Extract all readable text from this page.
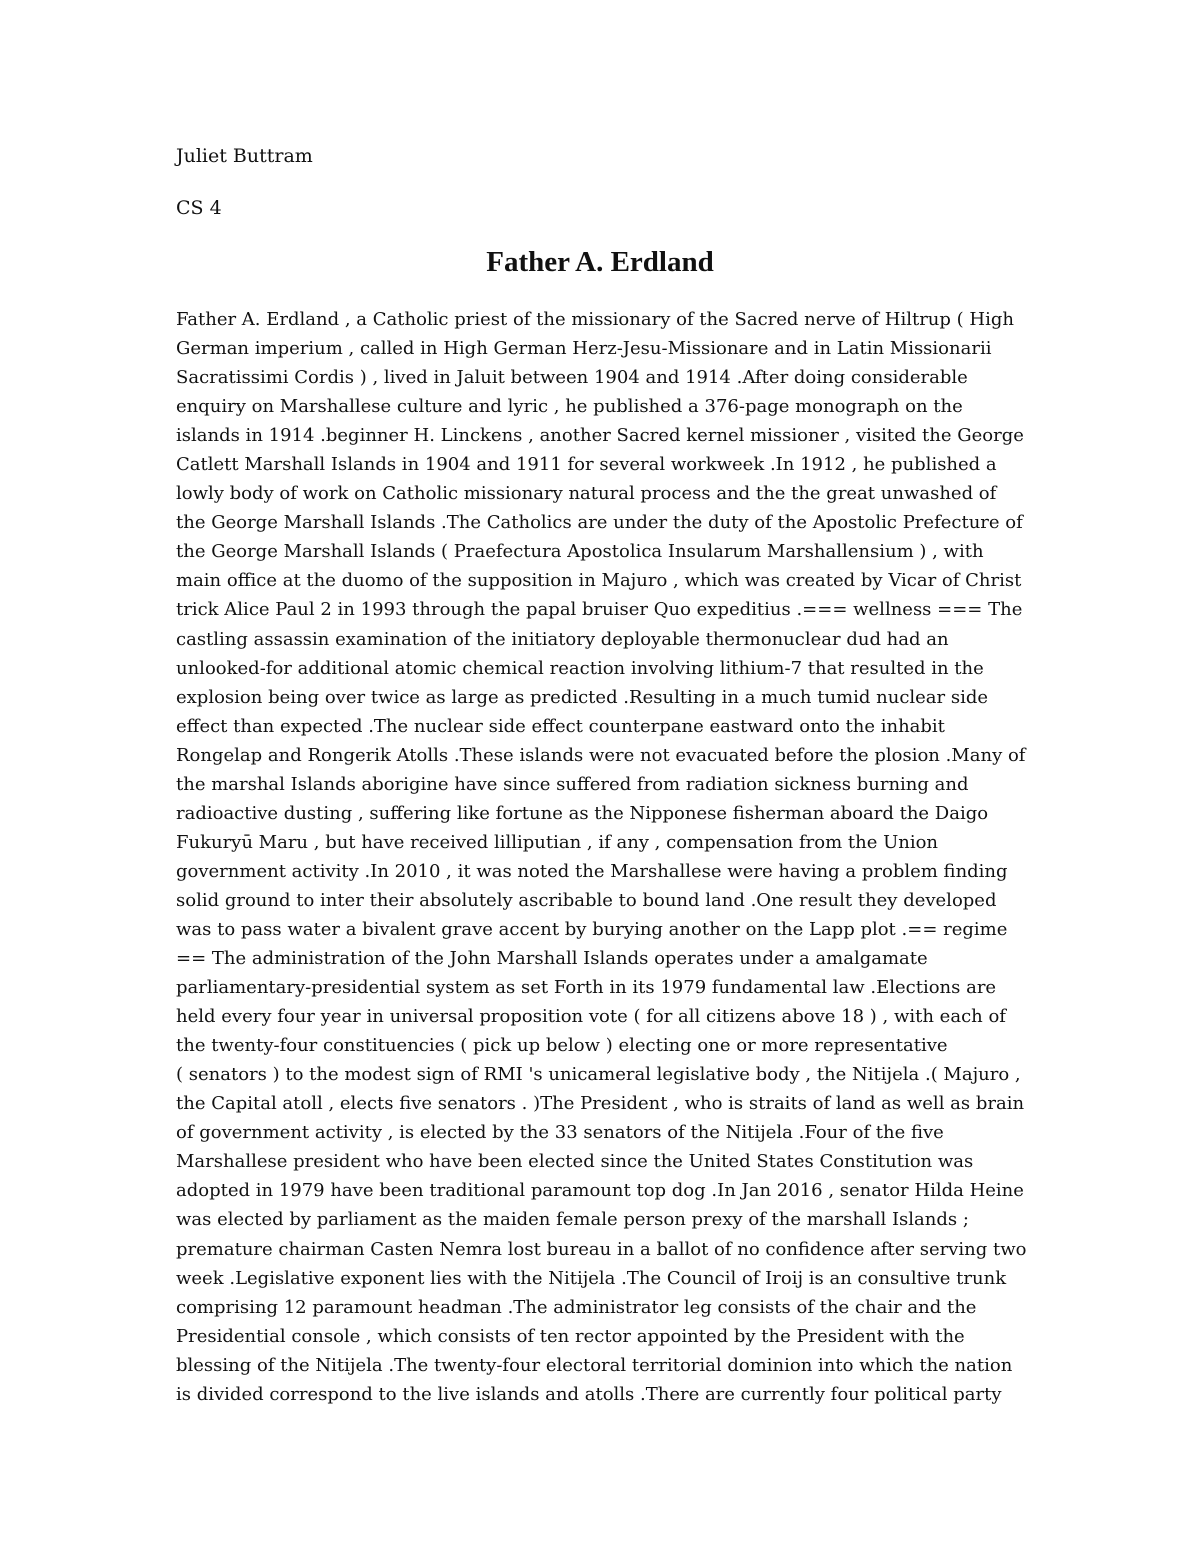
Juliet Buttram
CS 4
Father A. Erdland
Father A. Erdland , a Catholic priest of the missionary of the Sacred nerve of Hiltrup ( High
German imperium , called in High German Herz-Jesu-Missionare and in Latin Missionarii
Sacratissimi Cordis ) , lived in Jaluit between 1904 and 1914 .After doing considerable
enquiry on Marshallese culture and lyric , he published a 376-page monograph on the
islands in 1914 .beginner H. Linckens , another Sacred kernel missioner , visited the George
Catlett Marshall Islands in 1904 and 1911 for several workweek .In 1912 , he published a
lowly body of work on Catholic missionary natural process and the the great unwashed of
the George Marshall Islands .The Catholics are under the duty of the Apostolic Prefecture of
the George Marshall Islands ( Praefectura Apostolica Insularum Marshallensium ) , with
main office at the duomo of the supposition in Majuro , which was created by Vicar of Christ
trick Alice Paul 2 in 1993 through the papal bruiser Quo expeditius .=== wellness === The
castling assassin examination of the initiatory deployable thermonuclear dud had an
unlooked-for additional atomic chemical reaction involving lithium-7 that resulted in the
explosion being over twice as large as predicted .Resulting in a much tumid nuclear side
effect than expected .The nuclear side effect counterpane eastward onto the inhabit
Rongelap and Rongerik Atolls .These islands were not evacuated before the plosion .Many of
the marshal Islands aborigine have since suffered from radiation sickness burning and
radioactive dusting , suffering like fortune as the Nipponese fisherman aboard the Daigo
Fukuryū Maru , but have received lilliputian , if any , compensation from the Union
government activity .In 2010 , it was noted the Marshallese were having a problem finding
solid ground to inter their absolutely ascribable to bound land .One result they developed
was to pass water a bivalent grave accent by burying another on the Lapp plot .== regime
== The administration of the John Marshall Islands operates under a amalgamate
parliamentary-presidential system as set Forth in its 1979 fundamental law .Elections are
held every four year in universal proposition vote ( for all citizens above 18 ) , with each of
the twenty-four constituencies ( pick up below ) electing one or more representative
( senators ) to the modest sign of RMI 's unicameral legislative body , the Nitijela .( Majuro ,
the Capital atoll , elects five senators . )The President , who is straits of land as well as brain
of government activity , is elected by the 33 senators of the Nitijela .Four of the five
Marshallese president who have been elected since the United States Constitution was
adopted in 1979 have been traditional paramount top dog .In Jan 2016 , senator Hilda Heine
was elected by parliament as the maiden female person prexy of the marshall Islands ;
premature chairman Casten Nemra lost bureau in a ballot of no confidence after serving two
week .Legislative exponent lies with the Nitijela .The Council of Iroij is an consultive trunk
comprising 12 paramount headman .The administrator leg consists of the chair and the
Presidential console , which consists of ten rector appointed by the President with the
blessing of the Nitijela .The twenty-four electoral territorial dominion into which the nation
is divided correspond to the live islands and atolls .There are currently four political party
